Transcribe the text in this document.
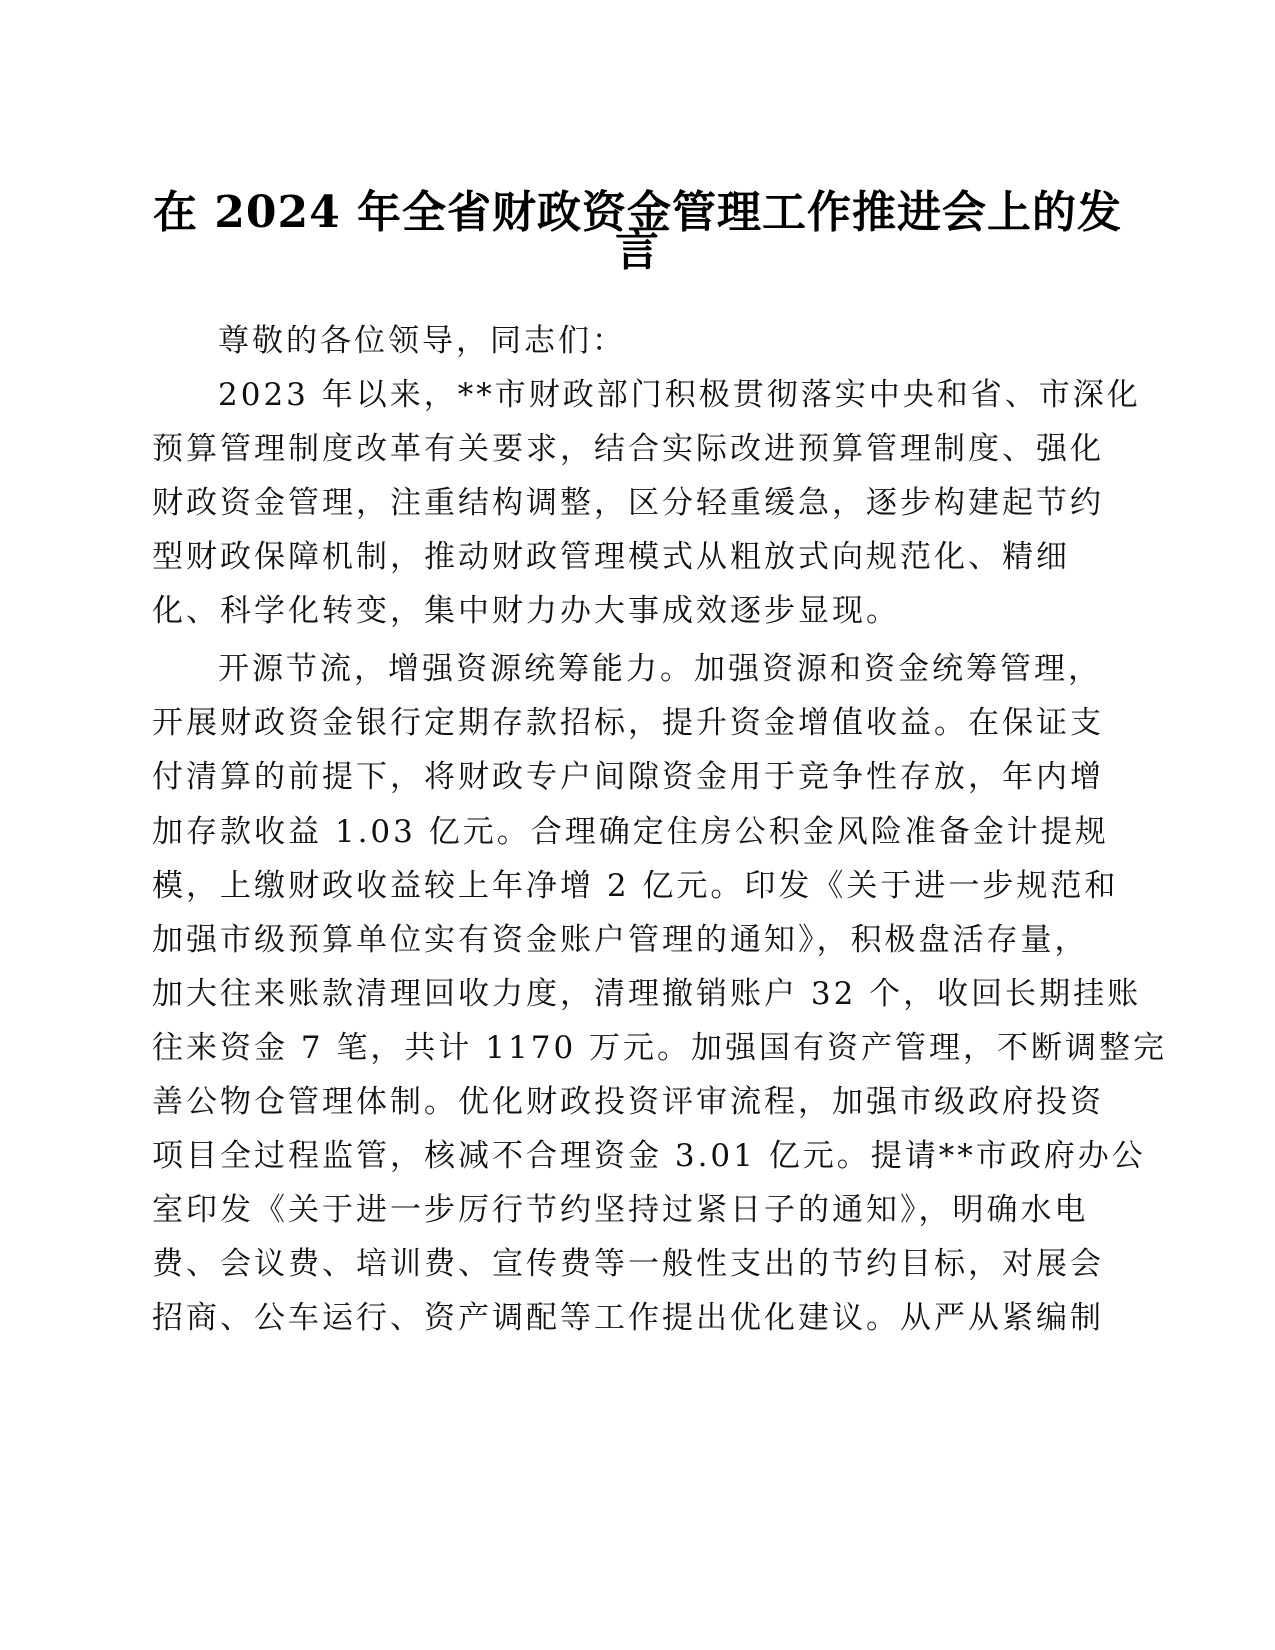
在 2024 年全省财政资金管理工作推进会上的发
言

尊敬的各位领导，同志们：

2023 年以来，**市财政部门积极贯彻落实中央和省、市深化

预算管理制度改革有关要求，结合实际改进预算管理制度、强化

财政资金管理，注重结构调整，区分轻重缓急，逐步构建起节约

型财政保障机制，推动财政管理模式从粗放式向规范化、精细

化、科学化转变，集中财力办大事成效逐步显现。

开源节流，增强资源统筹能力。加强资源和资金统筹管理，

开展财政资金银行定期存款招标，提升资金增值收益。在保证支

付清算的前提下，将财政专户间隙资金用于竞争性存放，年内增

加存款收益 1.03 亿元。合理确定住房公积金风险准备金计提规

模，上缴财政收益较上年净增 2 亿元。印发《关于进一步规范和

加强市级预算单位实有资金账户管理的通知》，积极盘活存量，

加大往来账款清理回收力度，清理撤销账户 32 个，收回长期挂账

往来资金 7 笔，共计 1170 万元。加强国有资产管理，不断调整完

善公物仓管理体制。优化财政投资评审流程，加强市级政府投资

项目全过程监管，核减不合理资金 3.01 亿元。提请**市政府办公

室印发《关于进一步厉行节约坚持过紧日子的通知》，明确水电

费、会议费、培训费、宣传费等一般性支出的节约目标，对展会

招商、公车运行、资产调配等工作提出优化建议。从严从紧编制
